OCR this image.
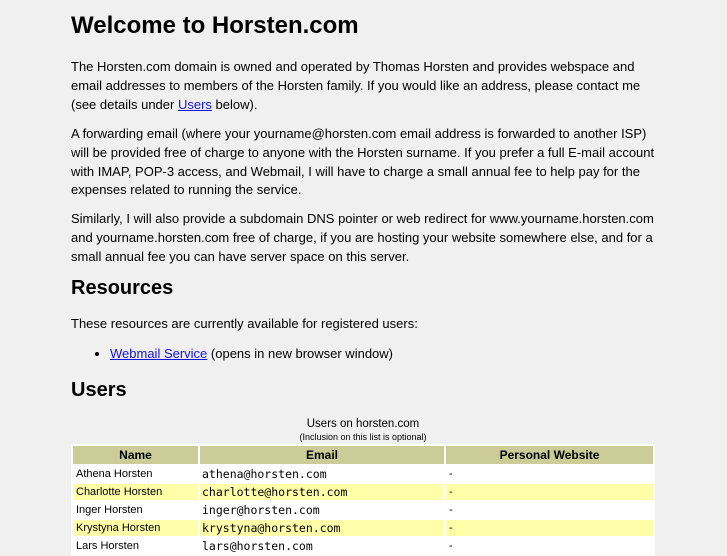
Welcome to Horsten.com

The Horsten.com domain is owned and operated by Thomas Horsten and provides webspace and email addresses to members of the Horsten family. If you would like an address, please contact me (see details under Users below).

A forwarding email (where your yourname@horsten.com email address is forwarded to another ISP) will be provided free of charge to anyone with the Horsten surname. If you prefer a full E-mail account with IMAP, POP-3 access, and Webmail, I will have to charge a small annual fee to help pay for the expenses related to running the service.

Similarly, I will also provide a subdomain DNS pointer or web redirect for www.yourname.horsten.com and yourname.horsten.com free of charge, if you are hosting your website somewhere else, and for a small annual fee you can have server space on this server.

Resources

These resources are currently available for registered users:

• Webmail Service (opens in new browser window)
Users
Users on horsten.com
(Inclusion on this list is optional)
Name	Email	Personal Website
Athena Horsten	athena@horsten.com	-
Charlotte Horsten	charlotte@horsten.com	-
Inger Horsten	inger@horsten.com	-
Krystyna Horsten	krystyna@horsten.com	-
Lars Horsten	lars@horsten.com	-
